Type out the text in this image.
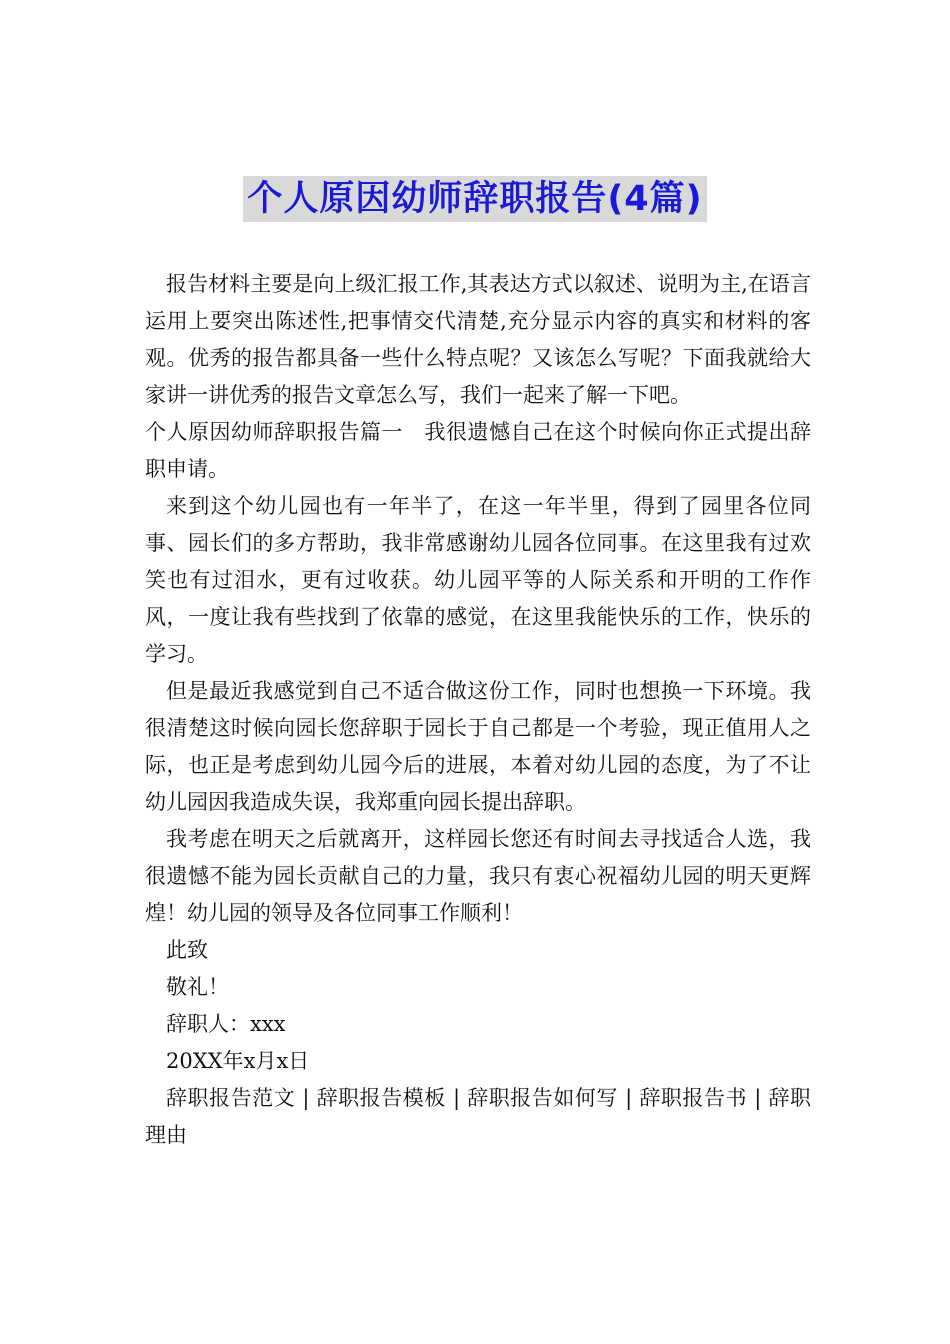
个人原因幼师辞职报告(4篇)

报告材料主要是向上级汇报工作,其表达方式以叙述、说明为主,在语言运用上要突出陈述性,把事情交代清楚,充分显示内容的真实和材料的客观。优秀的报告都具备一些什么特点呢？又该怎么写呢？下面我就给大家讲一讲优秀的报告文章怎么写，我们一起来了解一下吧。

个人原因幼师辞职报告篇一　我很遗憾自己在这个时候向你正式提出辞职申请。

来到这个幼儿园也有一年半了，在这一年半里，得到了园里各位同事、园长们的多方帮助，我非常感谢幼儿园各位同事。在这里我有过欢笑也有过泪水，更有过收获。幼儿园平等的人际关系和开明的工作作风，一度让我有些找到了依靠的感觉，在这里我能快乐的工作，快乐的学习。

但是最近我感觉到自己不适合做这份工作，同时也想换一下环境。我很清楚这时候向园长您辞职于园长于自己都是一个考验，现正值用人之际，也正是考虑到幼儿园今后的进展，本着对幼儿园的态度，为了不让幼儿园因我造成失误，我郑重向园长提出辞职。

我考虑在明天之后就离开，这样园长您还有时间去寻找适合人选，我很遗憾不能为园长贡献自己的力量，我只有衷心祝福幼儿园的明天更辉煌！幼儿园的领导及各位同事工作顺利！

此致

敬礼！

辞职人：xxx

20XX年x月x日

辞职报告范文 | 辞职报告模板 | 辞职报告如何写 | 辞职报告书 | 辞职理由
